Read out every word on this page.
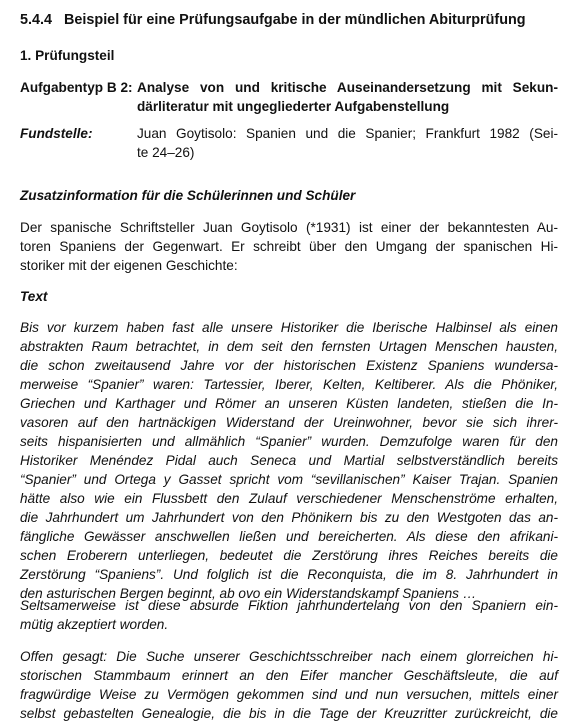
5.4.4 Beispiel für eine Prüfungsaufgabe in der mündlichen Abiturprüfung
1. Prüfungsteil
Aufgabentyp B 2: Analyse von und kritische Auseinandersetzung mit Sekun-
därliteratur mit ungegliederter Aufgabenstellung
Fundstelle:	Juan Goytisolo: Spanien und die Spanier; Frankfurt 1982 (Sei-
te 24–26)
Zusatzinformation für die Schülerinnen und Schüler
Der spanische Schriftsteller Juan Goytisolo (*1931) ist einer der bekanntesten Au-
toren Spaniens der Gegenwart. Er schreibt über den Umgang der spanischen Hi-
storiker mit der eigenen Geschichte:
Text
Bis vor kurzem haben fast alle unsere Historiker die Iberische Halbinsel als einen
abstrakten Raum betrachtet, in dem seit den fernsten Urtagen Menschen hausten,
die schon zweitausend Jahre vor der historischen Existenz Spaniens wundersa-
merweise “Spanier” waren: Tartessier, Iberer, Kelten, Keltiberer. Als die Phöniker,
Griechen und Karthager und Römer an unseren Küsten landeten, stießen die In-
vasoren auf den hartnäckigen Widerstand der Ureinwohner, bevor sie sich ihrer-
seits hispanisierten und allmählich “Spanier” wurden. Demzufolge waren für den
Historiker Menéndez Pidal auch Seneca und Martial selbstverständlich bereits
“Spanier” und Ortega y Gasset spricht vom “sevillanischen” Kaiser Trajan. Spanien
hätte also wie ein Flussbett den Zulauf verschiedener Menschenströme erhalten,
die Jahrhundert um Jahrhundert von den Phönikern bis zu den Westgoten das an-
fängliche Gewässer anschwellen ließen und bereicherten. Als diese den afrikani-
schen Eroberern unterliegen, bedeutet die Zerstörung ihres Reiches bereits die
Zerstörung “Spaniens”. Und folglich ist die Reconquista, die im 8. Jahrhundert in
den asturischen Bergen beginnt, ab ovo ein Widerstandskampf Spaniens …
Seltsamerweise ist diese absurde Fiktion jahrhundertelang von den Spaniern ein-
mütig akzeptiert worden.
Offen gesagt: Die Suche unserer Geschichtsschreiber nach einem glorreichen hi-
storischen Stammbaum erinnert an den Eifer mancher Geschäftsleute, die auf
fragwürdige Weise zu Vermögen gekommen sind und nun versuchen, mittels einer
selbst gebastelten Genealogie, die bis in die Tage der Kreuzritter zurückreicht, die
